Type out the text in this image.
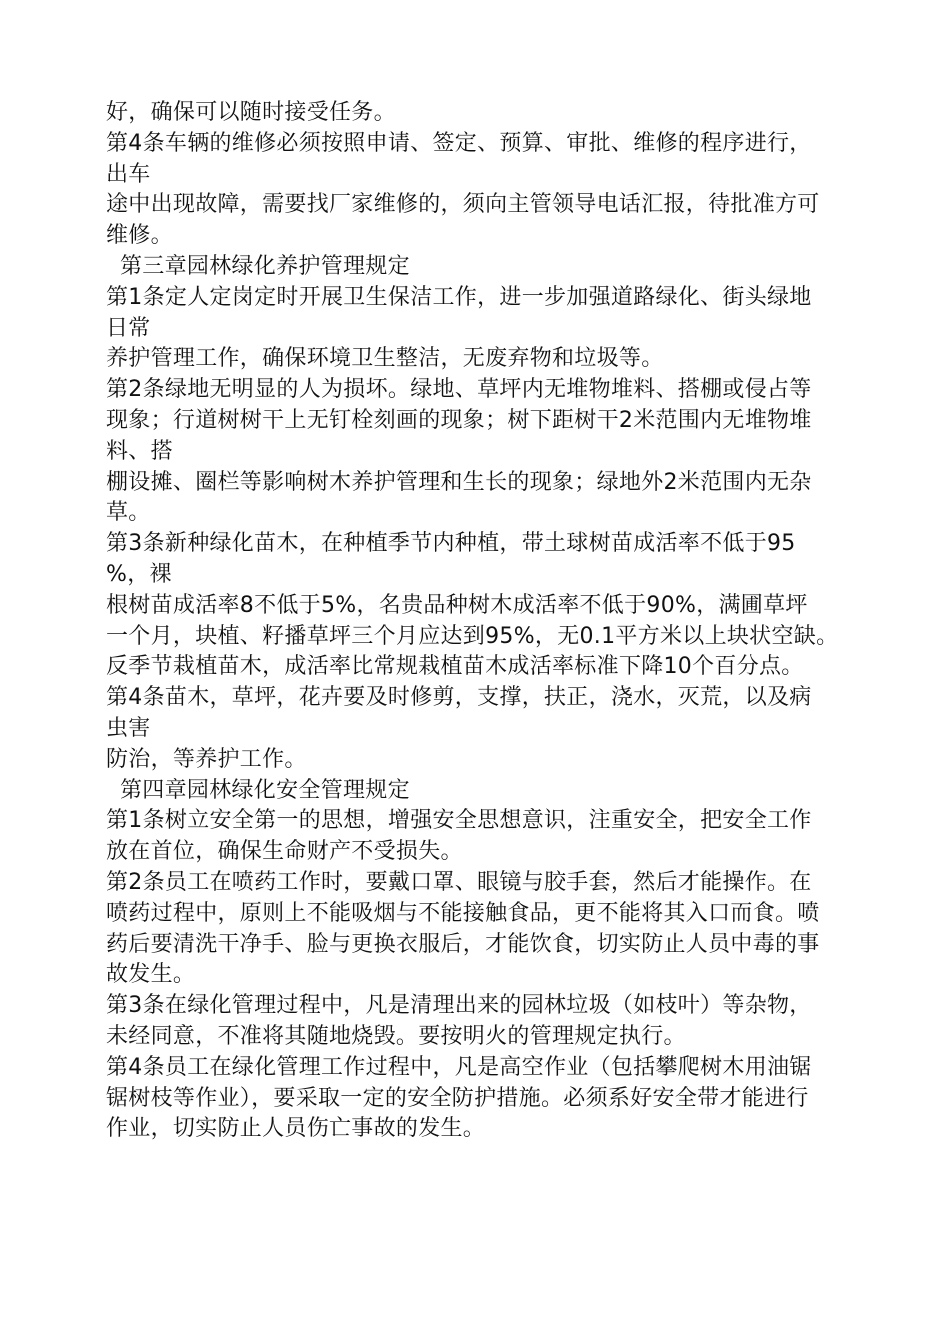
好，确保可以随时接受任务。
第4条车辆的维修必须按照申请、签定、预算、审批、维修的程序进行，
出车
途中出现故障，需要找厂家维修的，须向主管领导电话汇报，待批准方可
维修。
第三章园林绿化养护管理规定
第1条定人定岗定时开展卫生保洁工作，进一步加强道路绿化、街头绿地
日常
养护管理工作，确保环境卫生整洁，无废弃物和垃圾等。
第2条绿地无明显的人为损坏。绿地、草坪内无堆物堆料、搭棚或侵占等
现象；行道树树干上无钉栓刻画的现象；树下距树干2米范围内无堆物堆
料、搭
棚设摊、圈栏等影响树木养护管理和生长的现象；绿地外2米范围内无杂
草。
第3条新种绿化苗木，在种植季节内种植，带土球树苗成活率不低于95
%，裸
根树苗成活率8不低于5%，名贵品种树木成活率不低于90%，满圃草坪
一个月，块植、籽播草坪三个月应达到95%，无0.1平方米以上块状空缺。
反季节栽植苗木，成活率比常规栽植苗木成活率标准下降10个百分点。
第4条苗木，草坪，花卉要及时修剪，支撑，扶正，浇水，灭荒，以及病
虫害
防治，等养护工作。
第四章园林绿化安全管理规定
第1条树立安全第一的思想，增强安全思想意识，注重安全，把安全工作
放在首位，确保生命财产不受损失。
第2条员工在喷药工作时，要戴口罩、眼镜与胶手套，然后才能操作。在
喷药过程中，原则上不能吸烟与不能接触食品，更不能将其入口而食。喷
药后要清洗干净手、脸与更换衣服后，才能饮食，切实防止人员中毒的事
故发生。
第3条在绿化管理过程中，凡是清理出来的园林垃圾（如枝叶）等杂物，
未经同意，不准将其随地烧毁。要按明火的管理规定执行。
第4条员工在绿化管理工作过程中，凡是高空作业（包括攀爬树木用油锯
锯树枝等作业），要采取一定的安全防护措施。必须系好安全带才能进行
作业，切实防止人员伤亡事故的发生。
